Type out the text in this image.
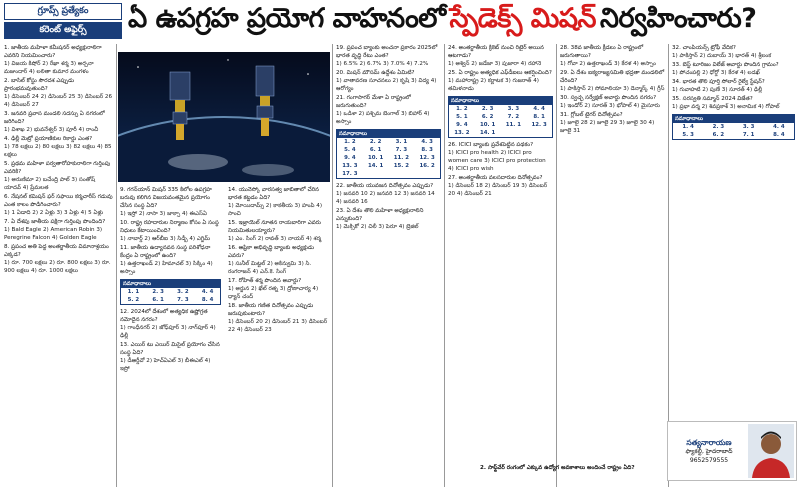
గ్రూప్స్ ప్రత్యేకం
కరెంట్ అఫైర్స్	ఏ ఉపగ్రహ ప్రయోగ వాహనంలో స్పేడెక్స్ మిషన్ నిర్వహించారు?
1. జాతీయ మహిళా కమీషనర్ అధ్యక్షురాలిగా ఎవరిని నియమించారు?
1) విజయ కిషోర్ 2) రేఖా శర్మ 3) అర్చనా మజుందార్ 4) లలితా కుమార మంగళం
2. బాసిల్ కోస్టు సౌరదశ ఎప్పుడు ప్రారంభమవుతుంది?
1) డిసెంబర్ 24 2) డిసెంబర్ 25 3) డిసెంబర్ 26 4) డిసెంబర్ 27
3. జనవరి ప్రవాస మండలి సదస్సు ఏ నగరంలో జరిగింది?
1) విశాఖ 2) భువనేశ్వర్ 3) పూరీ 4) రాంచీ
4. ఢిల్లీ మెట్రో ప్రయాణికుల రికార్డు ఎంత?
1) 78 లక్షలు 2) 80 లక్షలు 3) 82 లక్షలు 4) 85 లక్షలు
5. ప్రథమ మహిళా పర్వతారోహకురాలిగా గుర్తింపు ఎవరికి?
1) అరుణిమా 2) బచేంద్రి పాల్ 3) సంతోష్ యాదవ్ 4) ప్రేమలత
6. నేషనల్ కమిషన్ ఫర్ సఫాయి కర్మచారీస్ గడువు ఎంత కాలం పొడిగించారు?
1) 1 ఏడాది 2) 2 ఏళ్లు 3) 3 ఏళ్లు 4) 5 ఏళ్లు
7. ఏ దేశపు జాతీయ పక్షిగా గుర్తింపు పొందింది?
1) Bald Eagle 2) American Robin 3) Peregrine Falcon 4) Golden Eagle
8. ప్రపంచ అతి పెద్ద అంతర్జాతీయ విమానాశ్రయం ఎక్కడ?
1) రూ. 700 లక్షలు 2) రూ. 800 లక్షలు 3) రూ. 900 లక్షలు 4) రూ. 1000 లక్షలు
9. గగన్‌యాన్ మిషన్ 335 కిలోల ఉపగ్రహ బరువు కలిగిన విజయవంతమైన ప్రయోగం చేసిన సంస్థ ఏది?
1) ఇస్రో 2) నాసా 3) జాక్సా 4) ఈఎస్ఏ
10. రాష్ట్ర రహదారుల నిర్మాణం కోసం ఏ సంస్థ నిధులు కేటాయించింది?
1) నాబార్డ్ 2) ఆర్‌బీఐ 3) సిడ్బీ 4) ఎగ్జిమ్
11. జాతీయ ఉద్యానవన సంస్థ పరిశోధనా కేంద్రం ఏ రాష్ట్రంలో ఉంది?
1) ఉత్తరాఖండ్ 2) హిమాచల్ 3) సిక్కిం 4) అస్సాం
సమాధానాలు
1. 1	2. 3	3. 2	4. 4
5. 2	6. 1	7. 3	8. 4
12. 2024లో దేశంలో అత్యధిక ఉష్ణోగ్రత నమోదైన నగరం?
1) గాంధీనగర్ 2) జోధ్‌పూర్ 3) నాగ్‌పూర్ 4) ఢిల్లీ
13. ఎయిర్ టు ఎయిర్ మిసైల్ ప్రయోగం చేసిన సంస్థ ఏది?
1) డీఆర్డీవో 2) హెచ్ఏఎల్ 3) బీఈఎల్ 4) ఇస్రో
14. యునెస్కో వారసత్వ జాబితాలో చేరిన భారత కట్టడం ఏది?
1) మోయిదామ్స్ 2) కాకతీయ 3) హంపి 4) సాంచి
15. ఇజ్రాయెల్ నూతన రాయబారిగా ఎవరు నియమితులయ్యారు?
1) ఎం. సింగ్ 2) రావత్ 3) నాయర్ 4) శర్మ
16. ఆఫ్రికా అభివృద్ధి బ్యాంకు అధ్యక్షుడు ఎవరు?
1) సునీల్ మిట్టల్ 2) అకిన్వుమి 3) సి. రంగరాజన్ 4) ఎన్.కె. సింగ్
17. రోహిత్ శర్మ పొందిన అవార్డు?
1) అర్జున 2) ఖేల్ రత్న 3) ద్రోణాచార్య 4) ధ్యాన్ చంద్
18. జాతీయ గణిత దినోత్సవం ఎప్పుడు జరుపుకుంటారు?
1) డిసెంబర్ 20 2) డిసెంబర్ 21 3) డిసెంబర్ 22 4) డిసెంబర్ 23
19. ప్రపంచ బ్యాంకు అంచనా ప్రకారం 2025లో భారత వృద్ధి రేటు ఎంత?
1) 6.5% 2) 6.7% 3) 7.0% 4) 7.2%
20. మిషన్ మౌసమ్ ఉద్దేశం ఏమిటి?
1) వాతావరణ సూచనలు 2) కృషి 3) విద్య 4) ఆరోగ్యం
21. గంగాసాగర్ మేళా ఏ రాష్ట్రంలో జరుగుతుంది?
1) ఒడిశా 2) పశ్చిమ బెంగాల్ 3) బిహార్ 4) అస్సాం
సమాధానాలు
1. 2	2. 2	3. 1	4. 3
5. 4	6. 1	7. 3	8. 3
9. 4	10. 1	11. 2	12. 3
13. 3	14. 1	15. 2	16. 2
17. 3			
22. జాతీయ యువజన దినోత్సవం ఎప్పుడు?
1) జనవరి 10 2) జనవరి 12 3) జనవరి 14 4) జనవరి 16
23. ఏ దేశం తొలి మహిళా అధ్యక్షురాలిని ఎన్నుకుంది?
1) మెక్సికో 2) చిలీ 3) పెరూ 4) బ్రెజిల్
24. అంతర్జాతీయ క్రికెట్ నుంచి రిటైర్ అయిన ఆటగాడు?
1) అశ్విన్ 2) జడేజా 3) పుజారా 4) రహానె
25. ఏ రాష్ట్రం అత్యధిక ఎఫ్‌డీఐలు ఆకర్షించింది?
1) మహారాష్ట్ర 2) కర్ణాటక 3) గుజరాత్ 4) తమిళనాడు
సమాధానాలు
1. 2	2. 3	3. 3	4. 4
5. 1	6. 2	7. 2	8. 1
9. 4	10. 1	11. 1	12. 3
13. 2	14. 1		
26. ICICI బ్యాంకు ప్రవేశపెట్టిన పథకం?
1) ICICI pro health 2) ICICI pro women care 3) ICICI pro protection 4) ICICI pro wish
27. అంతర్జాతీయ వలసదారుల దినోత్సవం?
1) డిసెంబర్ 18 2) డిసెంబర్ 19 3) డిసెంబర్ 20 4) డిసెంబర్ 21
28. 38వ జాతీయ క్రీడలు ఏ రాష్ట్రంలో జరుగుతాయి?
1) గోవా 2) ఉత్తరాఖండ్ 3) కేరళ 4) అస్సాం
29. ఏ దేశం ఐక్యరాజ్యసమితి భద్రతా మండలిలో చేరింది?
1) పాకిస్తాన్ 2) సోమాలియా 3) డెన్మార్క్ 4) గ్రీస్
30. స్వచ్ఛ సర్వేక్షణ్ అవార్డు పొందిన నగరం?
1) ఇండోర్ 2) సూరత్ 3) భోపాల్ 4) మైసూరు
31. గ్లోబల్ టైగర్ దినోత్సవం?
1) జూలై 28 2) జూలై 29 3) జూలై 30 4) జూలై 31
32. చాంపియన్స్ ట్రోఫీ వేదిక?
1) పాకిస్తాన్ 2) దుబాయ్ 3) భారత్ 4) శ్రీలంక
33. బెస్ట్ టూరిజం విలేజ్ అవార్డు పొందిన గ్రామం?
1) పోచంపల్లి 2) ధోర్డో 3) కేరళ 4) లడఖ్
34. భారత తొలి పూర్తి సోలార్ రైల్వే స్టేషన్?
1) గువాహటి 2) పుణే 3) సూరత్ 4) ఢిల్లీ
35. సరస్వతి సమ్మాన్ 2024 విజేత?
1) ప్రభా వర్మ 2) శివప్రకాశ్ 3) అనామిక 4) గోపాల్
సమాధానాలు
1. 4	2. 3	3. 3	4. 4
5. 3	6. 2	7. 1	8. 4
సత్యనారాయణ
ఫ్యాకల్టీ, హైదరాబాద్
9652579555
2. సాఫ్ట్‌వేర్ రంగంలో ఎక్కువ ఉద్యోగ అవకాశాలు అందించే రాష్ట్రం ఏది?
